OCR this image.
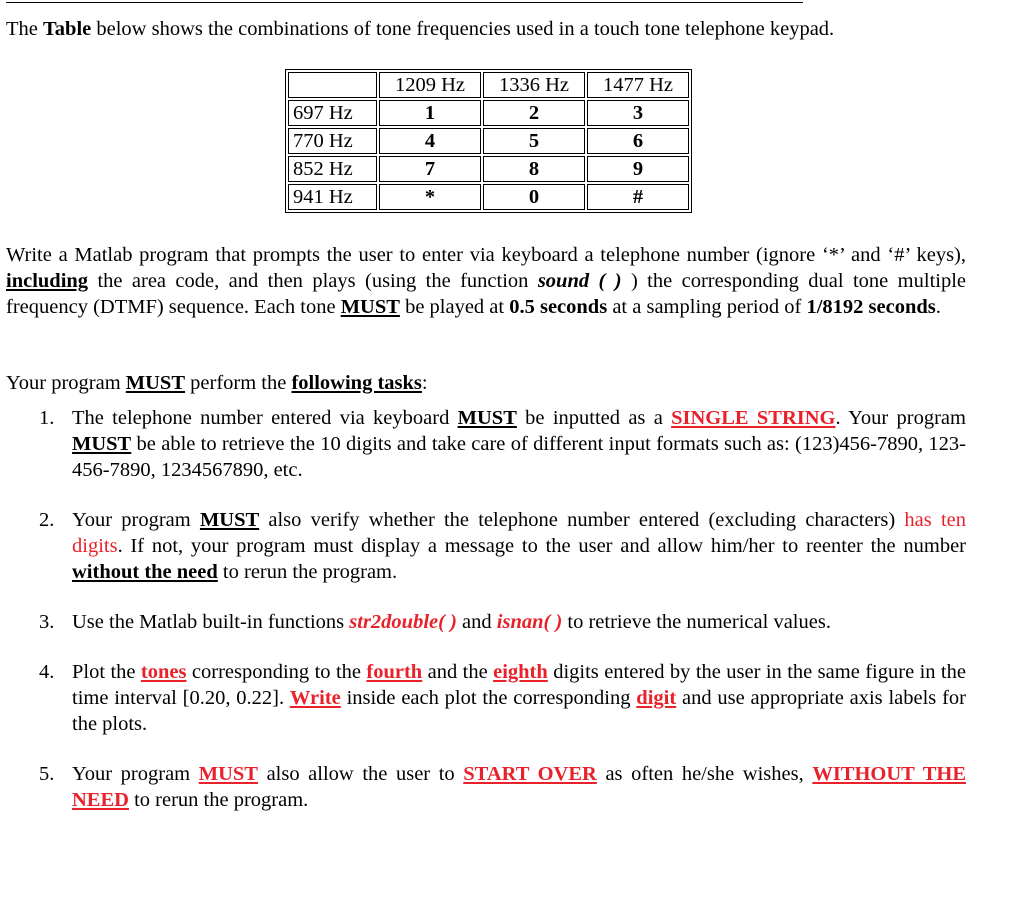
The Table below shows the combinations of tone frequencies used in a touch tone telephone keypad.
	1209 Hz	1336 Hz	1477 Hz
697 Hz	1	2	3
770 Hz	4	5	6
852 Hz	7	8	9
941 Hz	*	0	#
Write a Matlab program that prompts the user to enter via keyboard a telephone number (ignore ‘*’ and ‘#’ keys), including the area code, and then plays (using the function sound ( ) ) the corresponding dual tone multiple frequency (DTMF) sequence. Each tone MUST be played at 0.5 seconds at a sampling period of 1/8192 seconds.
Your program MUST perform the following tasks:
1. The telephone number entered via keyboard MUST be inputted as a SINGLE STRING. Your program MUST be able to retrieve the 10 digits and take care of different input formats such as: (123)456-7890, 123-456-7890, 1234567890, etc.
2. Your program MUST also verify whether the telephone number entered (excluding characters) has ten digits. If not, your program must display a message to the user and allow him/her to reenter the number without the need to rerun the program.
3. Use the Matlab built-in functions str2double( ) and isnan( ) to retrieve the numerical values.
4. Plot the tones corresponding to the fourth and the eighth digits entered by the user in the same figure in the time interval [0.20, 0.22]. Write inside each plot the corresponding digit and use appropriate axis labels for the plots.
5. Your program MUST also allow the user to START OVER as often he/she wishes, WITHOUT THE NEED to rerun the program.
